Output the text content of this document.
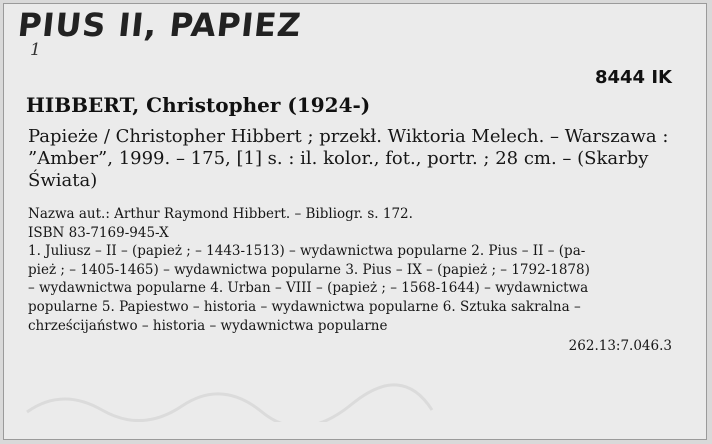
PIUS II, PAPIEZ
1
8444 IK
HIBBERT, Christopher (1924-)
Papieże / Christopher Hibbert ; przekł. Wiktoria Melech. – Warszawa :
”Amber”, 1999. – 175, [1] s. : il. kolor., fot., portr. ; 28 cm. – (Skarby
Świata)
Nazwa aut.: Arthur Raymond Hibbert. – Bibliogr. s. 172.
ISBN 83-7169-945-X
1. Juliusz – II – (papież ; – 1443-1513) – wydawnictwa popularne 2. Pius – II – (pa-
pież ; – 1405-1465) – wydawnictwa popularne 3. Pius – IX – (papież ; – 1792-1878)
– wydawnictwa popularne 4. Urban – VIII – (papież ; – 1568-1644) – wydawnictwa
popularne 5. Papiestwo – historia – wydawnictwa popularne 6. Sztuka sakralna –
chrześcijaństwo – historia – wydawnictwa popularne
262.13:7.046.3
